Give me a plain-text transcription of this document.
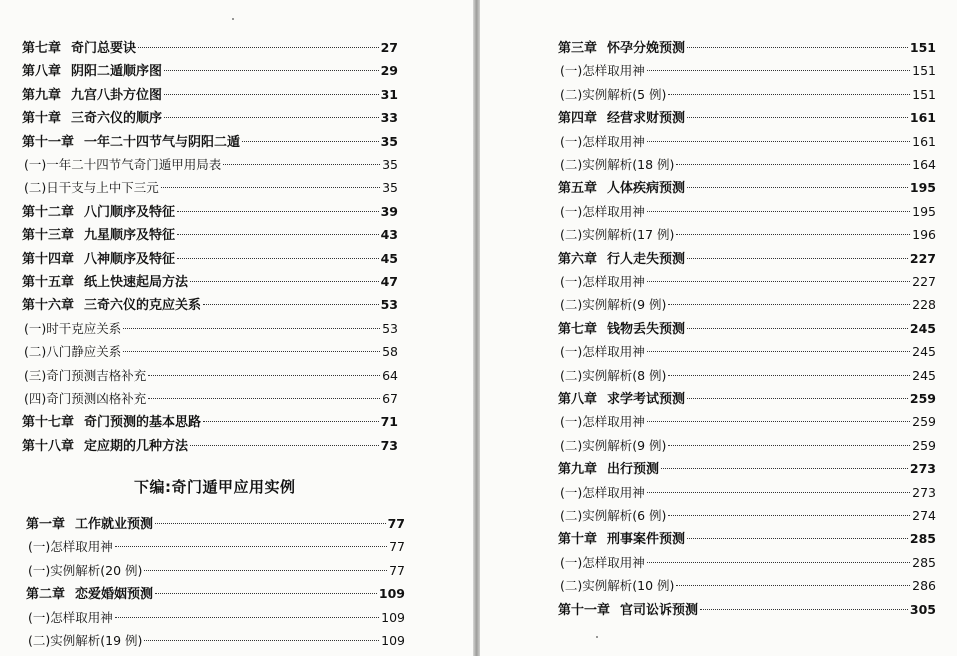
第七章 奇门总要诀	27
第八章 阴阳二遁顺序图	29
第九章 九宫八卦方位图	31
第十章 三奇六仪的顺序	33
第十一章 一年二十四节气与阴阳二遁	35
(一)一年二十四节气奇门遁甲用局表	35
(二)日干支与上中下三元	35
第十二章 八门顺序及特征	39
第十三章 九星顺序及特征	43
第十四章 八神顺序及特征	45
第十五章 纸上快速起局方法	47
第十六章 三奇六仪的克应关系	53
(一)时干克应关系	53
(二)八门静应关系	58
(三)奇门预测吉格补充	64
(四)奇门预测凶格补充	67
第十七章 奇门预测的基本思路	71
第十八章 定应期的几种方法	73
下编:奇门遁甲应用实例
第一章 工作就业预测	77
(一)怎样取用神	77
(一)实例解析(20 例)	77
第二章 恋爱婚姻预测	109
(一)怎样取用神	109
(二)实例解析(19 例)	109
第三章 怀孕分娩预测	151
(一)怎样取用神	151
(二)实例解析(5 例)	151
第四章 经营求财预测	161
(一)怎样取用神	161
(二)实例解析(18 例)	164
第五章 人体疾病预测	195
(一)怎样取用神	195
(二)实例解析(17 例)	196
第六章 行人走失预测	227
(一)怎样取用神	227
(二)实例解析(9 例)	228
第七章 钱物丢失预测	245
(一)怎样取用神	245
(二)实例解析(8 例)	245
第八章 求学考试预测	259
(一)怎样取用神	259
(二)实例解析(9 例)	259
第九章 出行预测	273
(一)怎样取用神	273
(二)实例解析(6 例)	274
第十章 刑事案件预测	285
(一)怎样取用神	285
(二)实例解析(10 例)	286
第十一章 官司讼诉预测	305
